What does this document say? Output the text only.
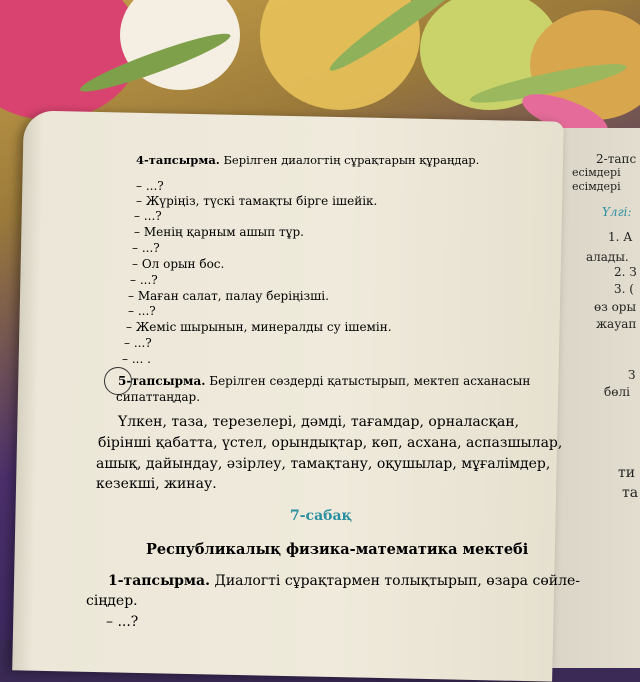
2-тапс
есімдері
есімдері
Үлгі:
1. А
алады.
2. З
3. (
өз оры
жауап
З
бөлі
ти
та
4-тапсырма. Берілген диалогтің сұрақтарын құраңдар.
– ...?
– Жүріңіз, түскі тамақты бірге ішейік.
– ...?
– Менің қарным ашып тұр.
– ...?
– Ол орын бос.
– ...?
– Маған салат, палау беріңізші.
– ...?
– Жеміс шырынын, минералды су ішемін.
– ...?
– ... .
5-тапсырма. Берілген сөздерді қатыстырып, мектеп асханасын
сипаттаңдар.
Үлкен, таза, терезелері, дәмді, тағамдар, орналасқан,
бірінші қабатта, үстел, орындықтар, көп, асхана, аспазшылар,
ашық, дайындау, әзірлеу, тамақтану, оқушылар, мұғалімдер,
кезекші, жинау.
7-сабақ
Республикалық физика-математика мектебі
1-тапсырма. Диалогті сұрақтармен толықтырып, өзара сөйле-
сіңдер.
– ...?
